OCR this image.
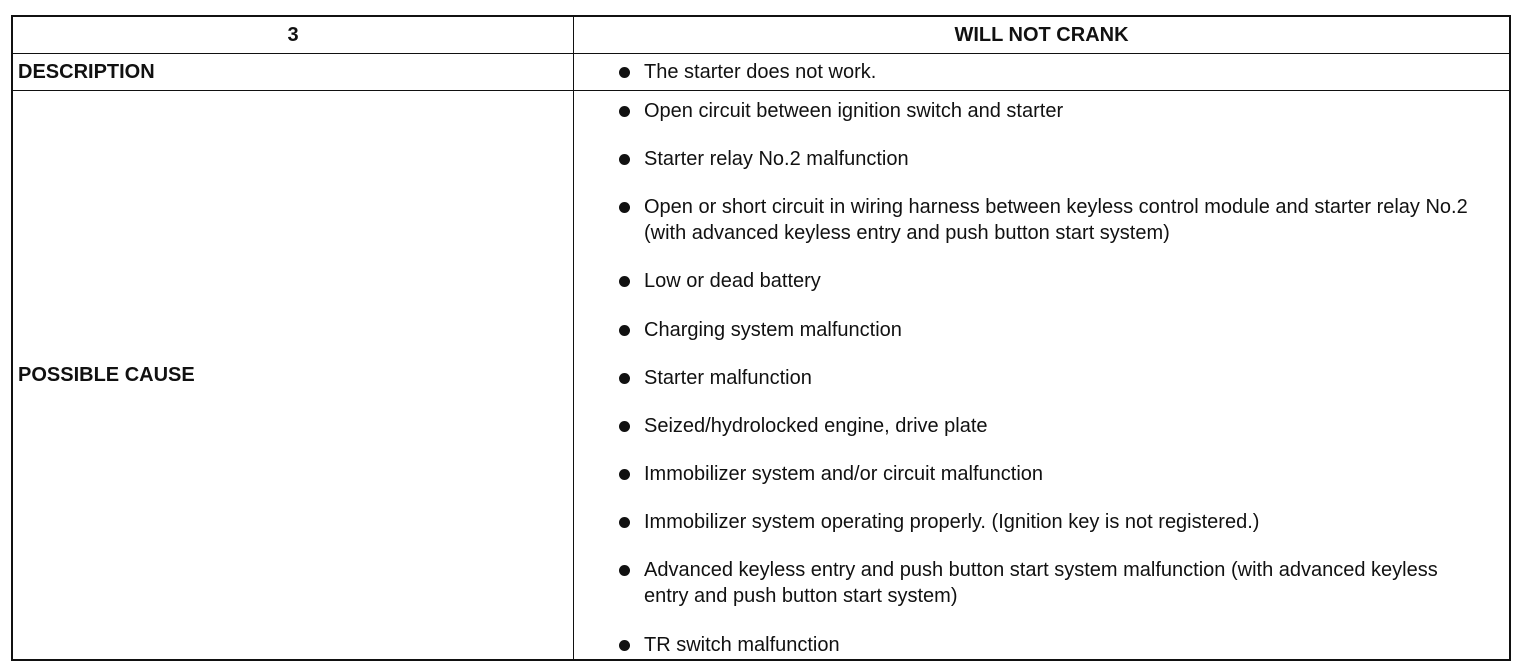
3	WILL NOT CRANK
DESCRIPTION	The starter does not work.
POSSIBLE CAUSE
Open circuit between ignition switch and starter
Starter relay No.2 malfunction
Open or short circuit in wiring harness between keyless control module and starter relay No.2 (with advanced keyless entry and push button start system)
Low or dead battery
Charging system malfunction
Starter malfunction
Seized/hydrolocked engine, drive plate
Immobilizer system and/or circuit malfunction
Immobilizer system operating properly. (Ignition key is not registered.)
Advanced keyless entry and push button start system malfunction (with advanced keyless entry and push button start system)
TR switch malfunction
